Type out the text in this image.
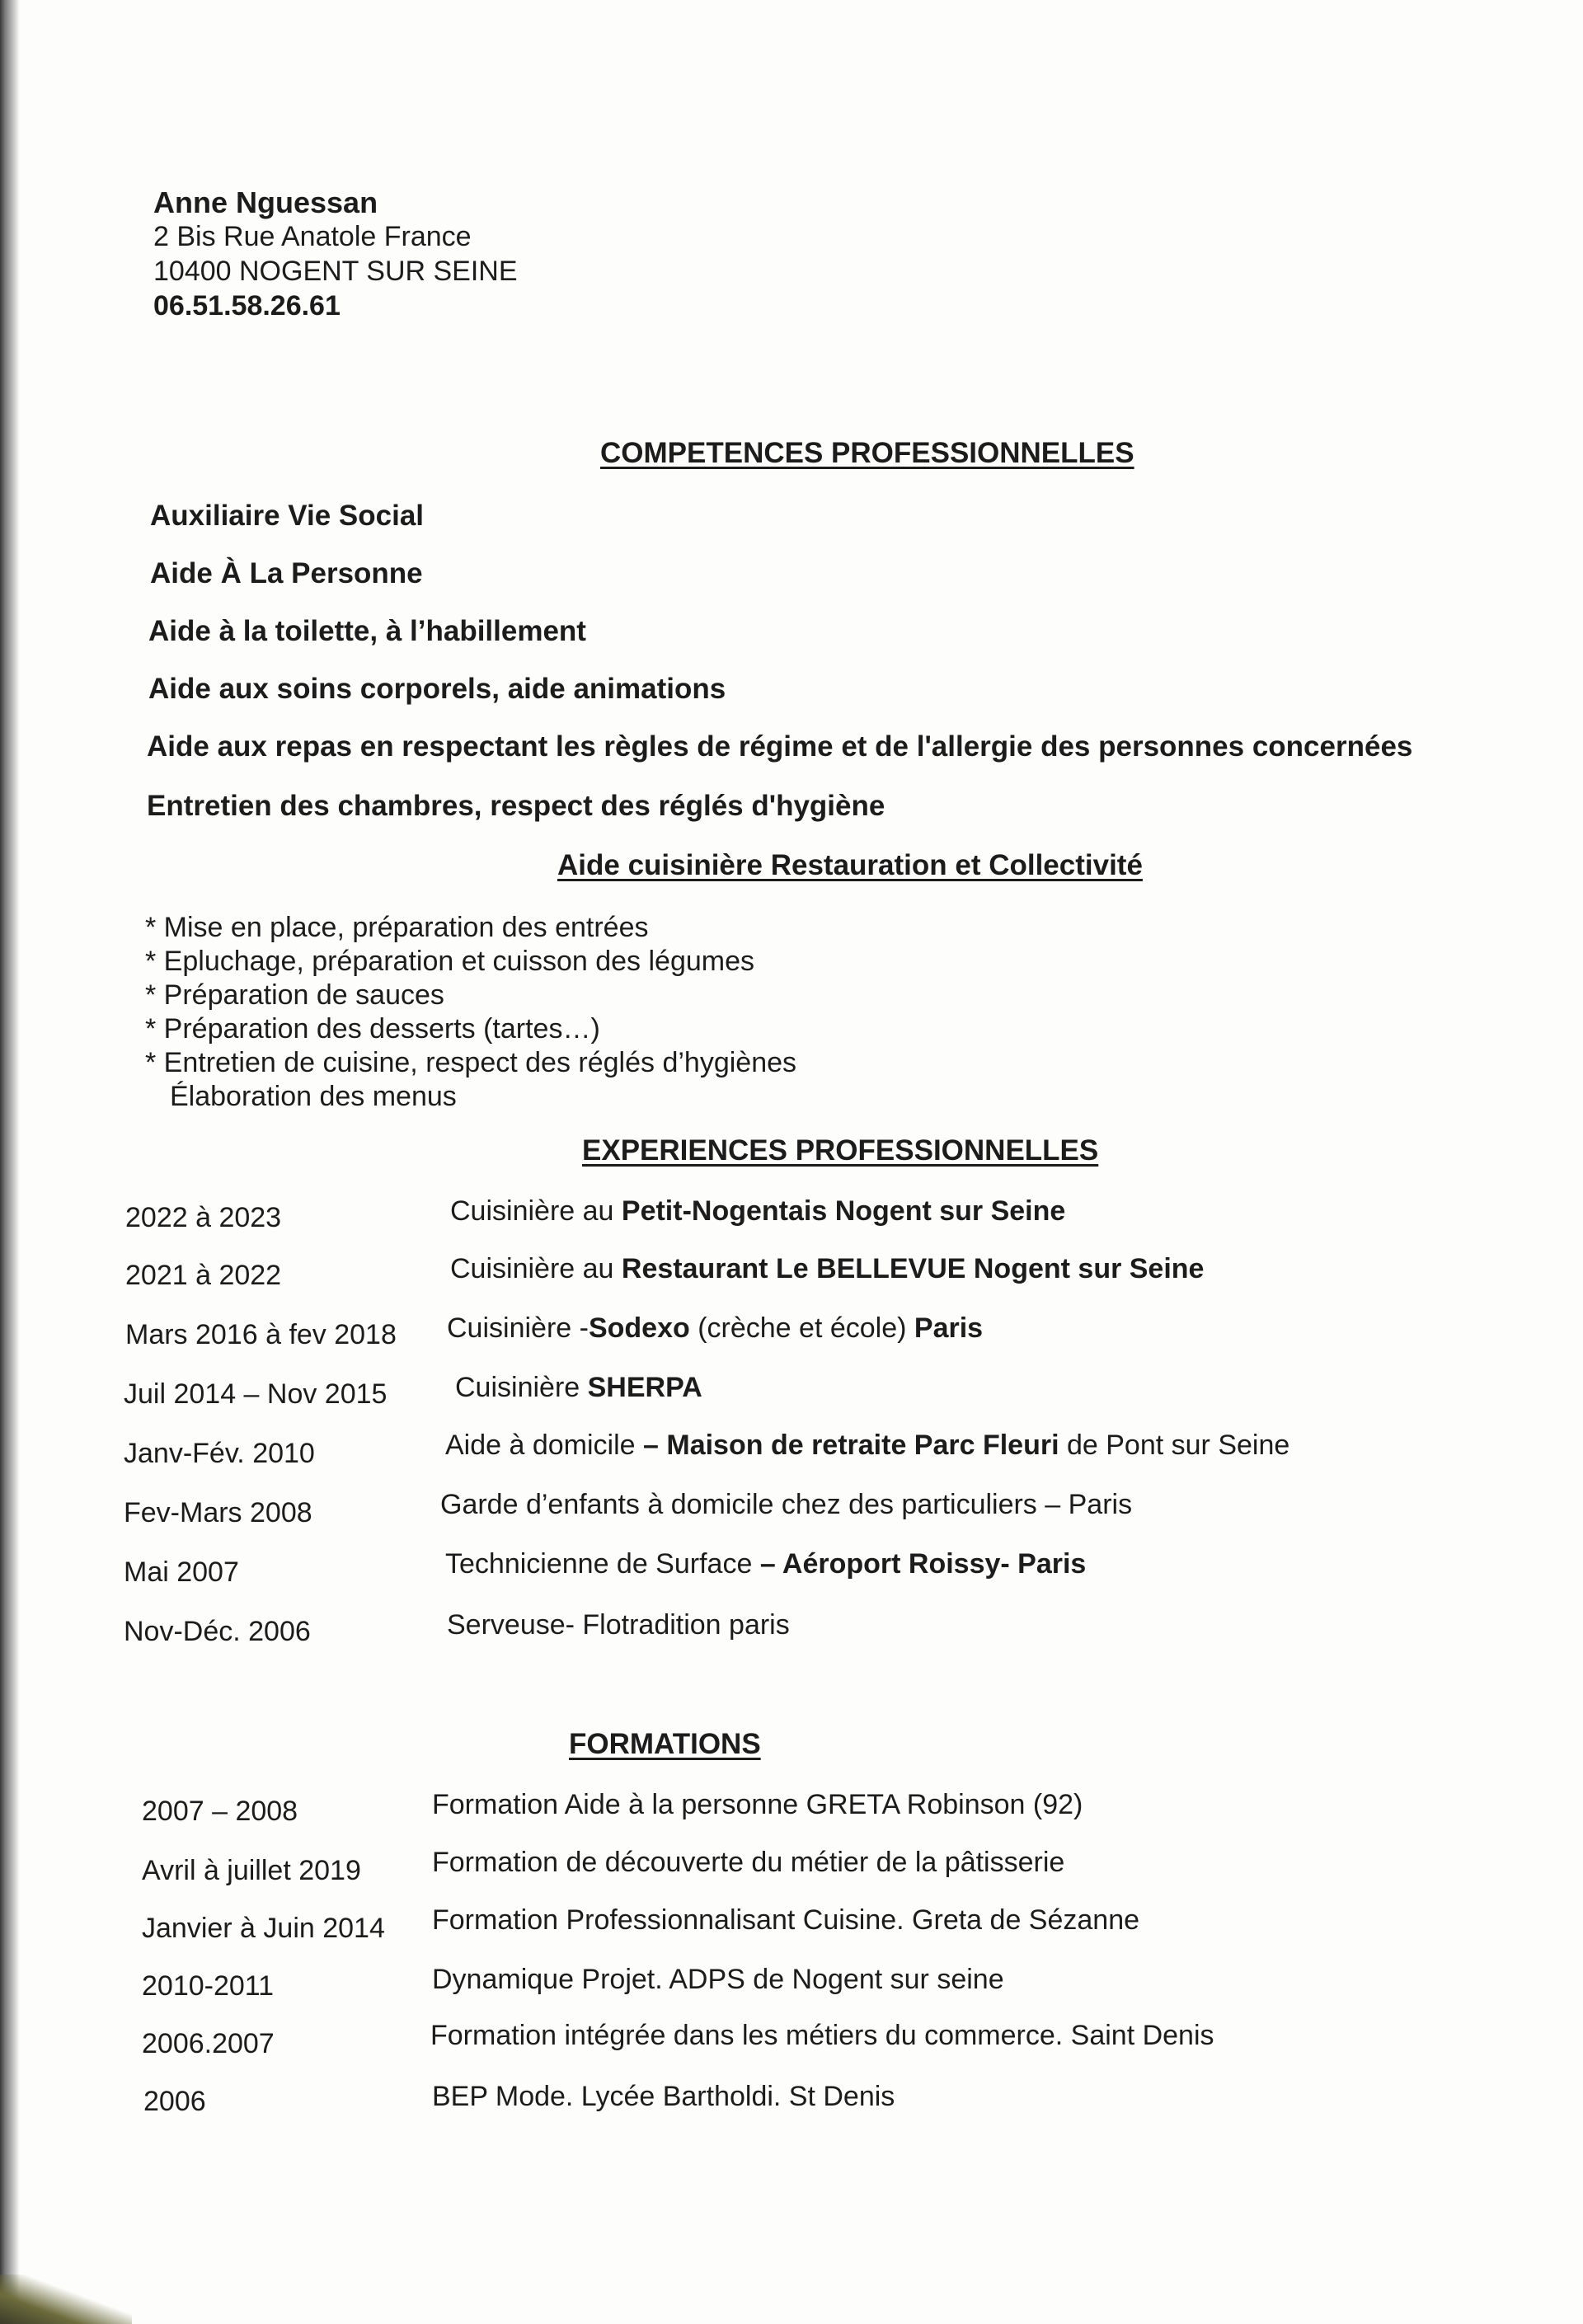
Anne Nguessan
2 Bis Rue Anatole France
10400 NOGENT SUR SEINE
06.51.58.26.61
COMPETENCES PROFESSIONNELLES
Auxiliaire Vie Social
Aide À La Personne
Aide à la toilette, à l’habillement
Aide aux soins corporels, aide animations
Aide aux repas en respectant les règles de régime et de l'allergie des personnes concernées
Entretien des chambres, respect des réglés d'hygiène
Aide cuisinière Restauration et Collectivité
* Mise en place, préparation des entrées
* Epluchage, préparation et cuisson des légumes
* Préparation de sauces
* Préparation des desserts (tartes…)
* Entretien de cuisine, respect des réglés d’hygiènes
Élaboration des menus
EXPERIENCES PROFESSIONNELLES
2022 à 2023	Cuisinière au Petit-Nogentais Nogent sur Seine
2021 à 2022	Cuisinière au Restaurant Le BELLEVUE Nogent sur Seine
Mars 2016 à fev 2018 Cuisinière -Sodexo (crèche et école) Paris
Juil 2014 – Nov 2015 Cuisinière SHERPA
Janv-Fév. 2010	Aide à domicile – Maison de retraite Parc Fleuri de Pont sur Seine
Fev-Mars 2008	Garde d’enfants à domicile chez des particuliers – Paris
Mai 2007	Technicienne de Surface – Aéroport Roissy- Paris
Nov-Déc. 2006	Serveuse- Flotradition paris
FORMATIONS
2007 – 2008	Formation Aide à la personne GRETA Robinson (92)
Avril à juillet 2019	Formation de découverte du métier de la pâtisserie
Janvier à Juin 2014 Formation Professionnalisant Cuisine. Greta de Sézanne
2010-2011	Dynamique Projet. ADPS de Nogent sur seine
2006.2007	Formation intégrée dans les métiers du commerce. Saint Denis
2006	BEP Mode. Lycée Bartholdi. St Denis
